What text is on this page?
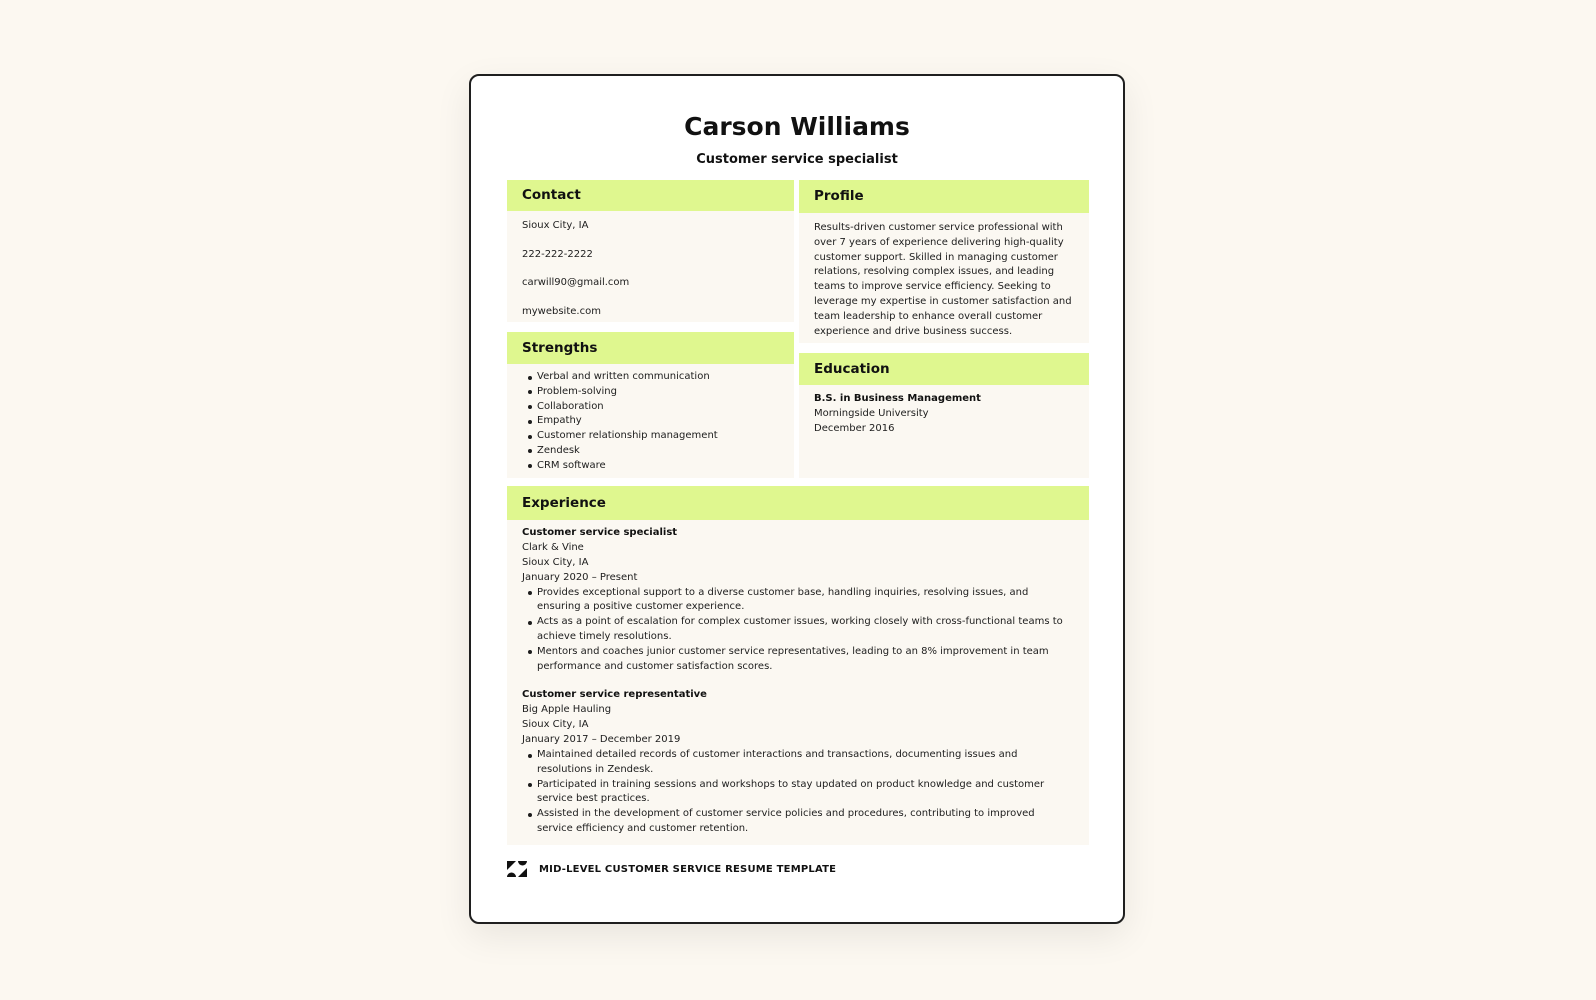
Carson Williams
Customer service specialist
Contact
Sioux City, IA
222-222-2222
carwill90@gmail.com
mywebsite.com
Profile
Results-driven customer service professional with over 7 years of experience delivering high-quality customer support. Skilled in managing customer relations, resolving complex issues, and leading teams to improve service efficiency. Seeking to leverage my expertise in customer satisfaction and team leadership to enhance overall customer experience and drive business success.
Strengths
Verbal and written communication
Problem-solving
Collaboration
Empathy
Customer relationship management
Zendesk
CRM software
Education
B.S. in Business Management
Morningside University
December 2016
Experience
Customer service specialist
Clark & Vine
Sioux City, IA
January 2020 – Present
Provides exceptional support to a diverse customer base, handling inquiries, resolving issues, and ensuring a positive customer experience.
Acts as a point of escalation for complex customer issues, working closely with cross-functional teams to achieve timely resolutions.
Mentors and coaches junior customer service representatives, leading to an 8% improvement in team performance and customer satisfaction scores.
Customer service representative
Big Apple Hauling
Sioux City, IA
January 2017 – December 2019
Maintained detailed records of customer interactions and transactions, documenting issues and resolutions in Zendesk.
Participated in training sessions and workshops to stay updated on product knowledge and customer service best practices.
Assisted in the development of customer service policies and procedures, contributing to improved service efficiency and customer retention.
MID-LEVEL CUSTOMER SERVICE RESUME TEMPLATE
